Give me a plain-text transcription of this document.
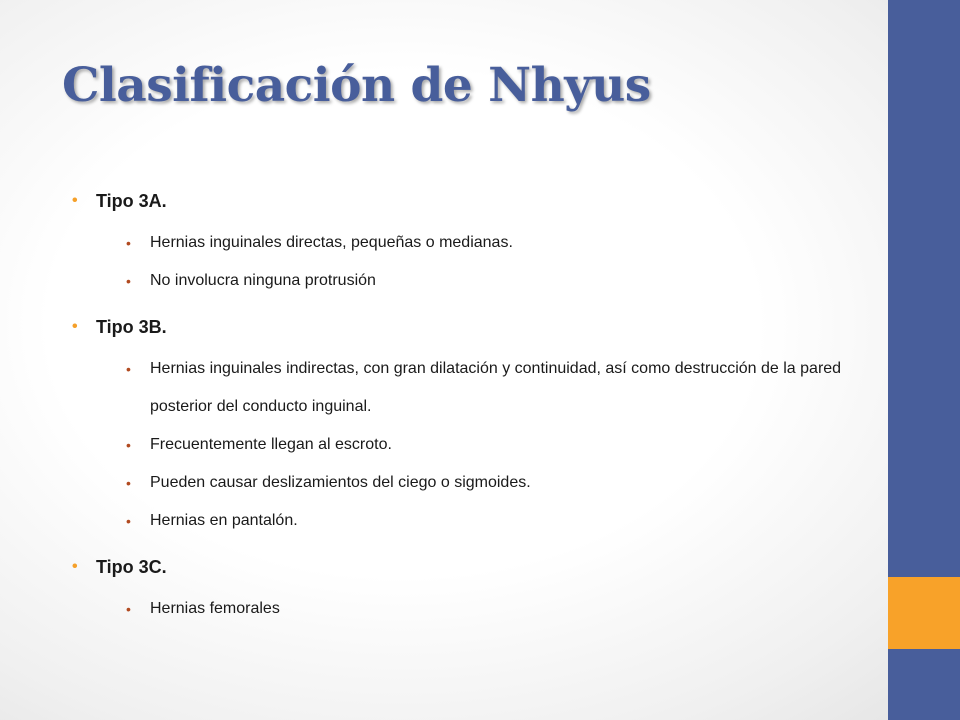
Clasificación de Nhyus
• Tipo 3A.
• Hernias inguinales directas, pequeñas o medianas.
• No involucra ninguna protrusión
• Tipo 3B.
• Hernias inguinales indirectas, con gran dilatación y continuidad, así como destrucción de la pared posterior del conducto inguinal.
• Frecuentemente llegan al escroto.
• Pueden causar deslizamientos del ciego o sigmoides.
• Hernias en pantalón.
• Tipo 3C.
• Hernias femorales
